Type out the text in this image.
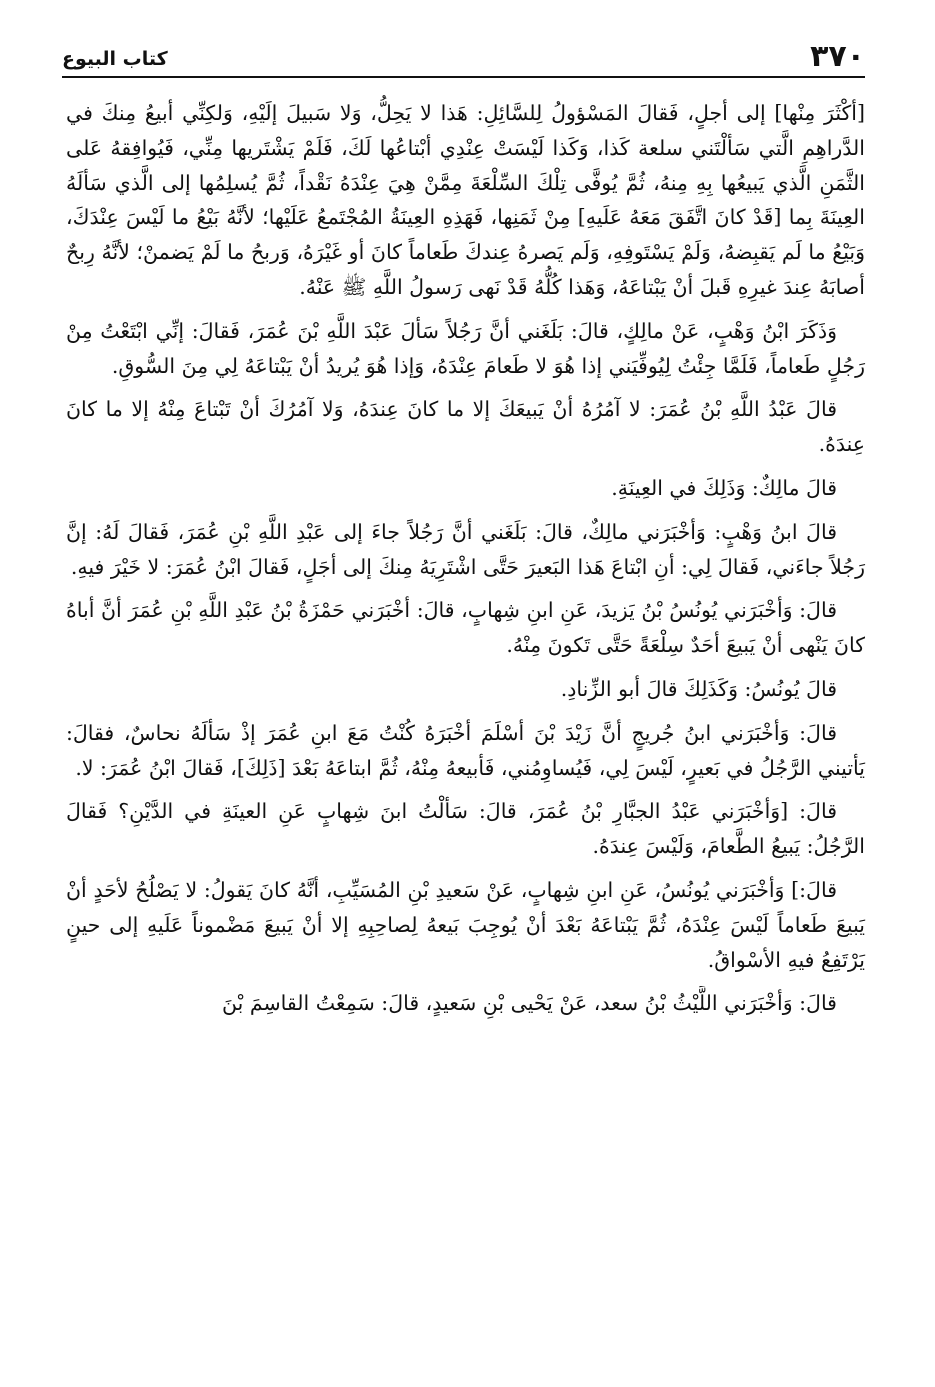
٣٧٠
كتاب البيوع

[أكْثَرَ مِنْها] إلى أجلٍ، فَقالَ المَسْؤولُ لِلسَّائِلِ: هَذا لا يَحِلُّ، وَلا سَبيلَ إلَيْهِ، وَلكِنِّي أبيعُ مِنكَ في الدَّراهِمِ الَّتي سَألْتَني سلعة كَذا، وَكَذا لَيْسَتْ عِنْدِي أبْتاعُها لَكَ، فَلَمْ يَشْتَريها مِنِّي، فَيُوافِقهُ عَلى الثَّمَنِ الَّذي يَبيعُها بِهِ مِنهُ، ثُمَّ يُوفَّى تِلْكَ السِّلْعَةَ مِمَّنْ هِيَ عِنْدَهُ نَقْداً، ثُمَّ يُسلِمُها إلى الَّذي سَألَهُ العِينَةَ بِما [قَدْ كانَ اتَّفَقَ مَعَهُ عَلَيهِ] مِنْ ثَمَنِها، فَهَذِهِ العِينَةُ المُجْتَمعُ عَلَيْها؛ لأنَّهُ بَيْعُ ما لَيْسَ عِنْدَكَ، وَبَيْعُ ما لَم يَقبِضهُ، وَلَمْ يَسْتَوفِهِ، وَلَم يَصرهُ عِندكَ طَعاماً كانَ أو غَيْرَهُ، وَربحُ ما لَمْ يَضمنْ؛ لأنَّهُ رِبحٌ أصابَهُ عِندَ غيرِهِ قَبلَ أنْ يَبْتاعَهُ، وَهَذا كُلُّهُ قَدْ نَهى رَسولُ اللَّهِ ﷺ عَنْهُ.

وَذَكَرَ ابْنُ وَهْبٍ، عَنْ مالِكٍ، قالَ: بَلَغَني أنَّ رَجُلاً سَألَ عَبْدَ اللَّهِ بْنَ عُمَرَ، فَقالَ: إنِّي ابْتَعْتُ مِنْ رَجُلٍ طَعاماً، فَلَمَّا جِئْتُ لِيُوفِّيَني إذا هُوَ لا طَعامَ عِنْدَهُ، وَإذا هُوَ يُريدُ أنْ يَبْتاعَهُ لِي مِنَ السُّوقِ.

قالَ عَبْدُ اللَّهِ بْنُ عُمَرَ: لا آمُرُهُ أنْ يَبيعَكَ إلا ما كانَ عِندَهُ، وَلا آمُرُكَ أنْ تَبْتاعَ مِنْهُ إلا ما كانَ عِندَهُ.

قالَ مالِكٌ: وَذَلِكَ في العِينَةِ.

قالَ ابنُ وَهْبٍ: وَأخْبَرَني مالِكٌ، قالَ: بَلَغَني أنَّ رَجُلاً جاءَ إلى عَبْدِ اللَّهِ بْنِ عُمَرَ، فَقالَ لَهُ: إنَّ رَجُلاً جاءَني، فَقالَ لِي: أنِ ابْتاعَ هَذا البَعيرَ حَتَّى اشْتَرِيَهُ مِنكَ إلى أجَلٍ، فَقالَ ابْنُ عُمَرَ: لا خَيْرَ فيهِ.

قالَ: وَأخْبَرَني يُونُسُ بْنُ يَزيدَ، عَنِ ابنِ شِهابٍ، قالَ: أخْبَرَني حَمْزَةُ بْنُ عَبْدِ اللَّهِ بْنِ عُمَرَ أنَّ أباهُ كانَ يَنْهى أنْ يَبيعَ أحَدٌ سِلْعَةً حَتَّى تَكونَ مِنْهُ.

قالَ يُونُسُ: وَكَذَلِكَ قالَ أبو الزِّنادِ.

قالَ: وَأخْبَرَني ابنُ جُريجٍ أنَّ زَيْدَ بْنَ أسْلَمَ أخْبَرَهُ كُنْتُ مَعَ ابنِ عُمَرَ إذْ سَألَهُ نحاسٌ، فقالَ: يَأتيني الرَّجُلُ في بَعيرٍ، لَيْسَ لِي، فَيُساوِمُني، فَأبيعهُ مِنْهُ، ثُمَّ ابتاعَهُ بَعْدَ [ذَلِكَ]، فَقالَ ابْنُ عُمَرَ: لا.

قالَ: [وَأخْبَرَني عَبْدُ الجبَّارِ بْنُ عُمَرَ، قالَ: سَألْتُ ابنَ شِهابٍ عَنِ العينَةِ في الدَّيْنِ؟ فَقالَ الرَّجُلُ: يَبيعُ الطَّعامَ، وَلَيْسَ عِندَهُ.

قالَ:] وَأخْبَرَني يُونُسُ، عَنِ ابنِ شِهابٍ، عَنْ سَعيدِ بْنِ المُسَيِّبِ، أنَّهُ كانَ يَقولُ: لا يَصْلُحُ لأحَدٍ أنْ يَبيعَ طَعاماً لَيْسَ عِنْدَهُ، ثُمَّ يَبْتاعَهُ بَعْدَ أنْ يُوجِبَ بَيعهُ لِصاحِبِهِ إلا أنْ يَبيعَ مَضْموناً عَلَيهِ إلى حينٍ يَرْتَفِعُ فيهِ الأسْواقُ.

قالَ: وَأخْبَرَني اللَّيْثُ بْنُ سعد، عَنْ يَحْيى بْنِ سَعيدٍ، قالَ: سَمِعْتُ القاسِمَ بْنَ
